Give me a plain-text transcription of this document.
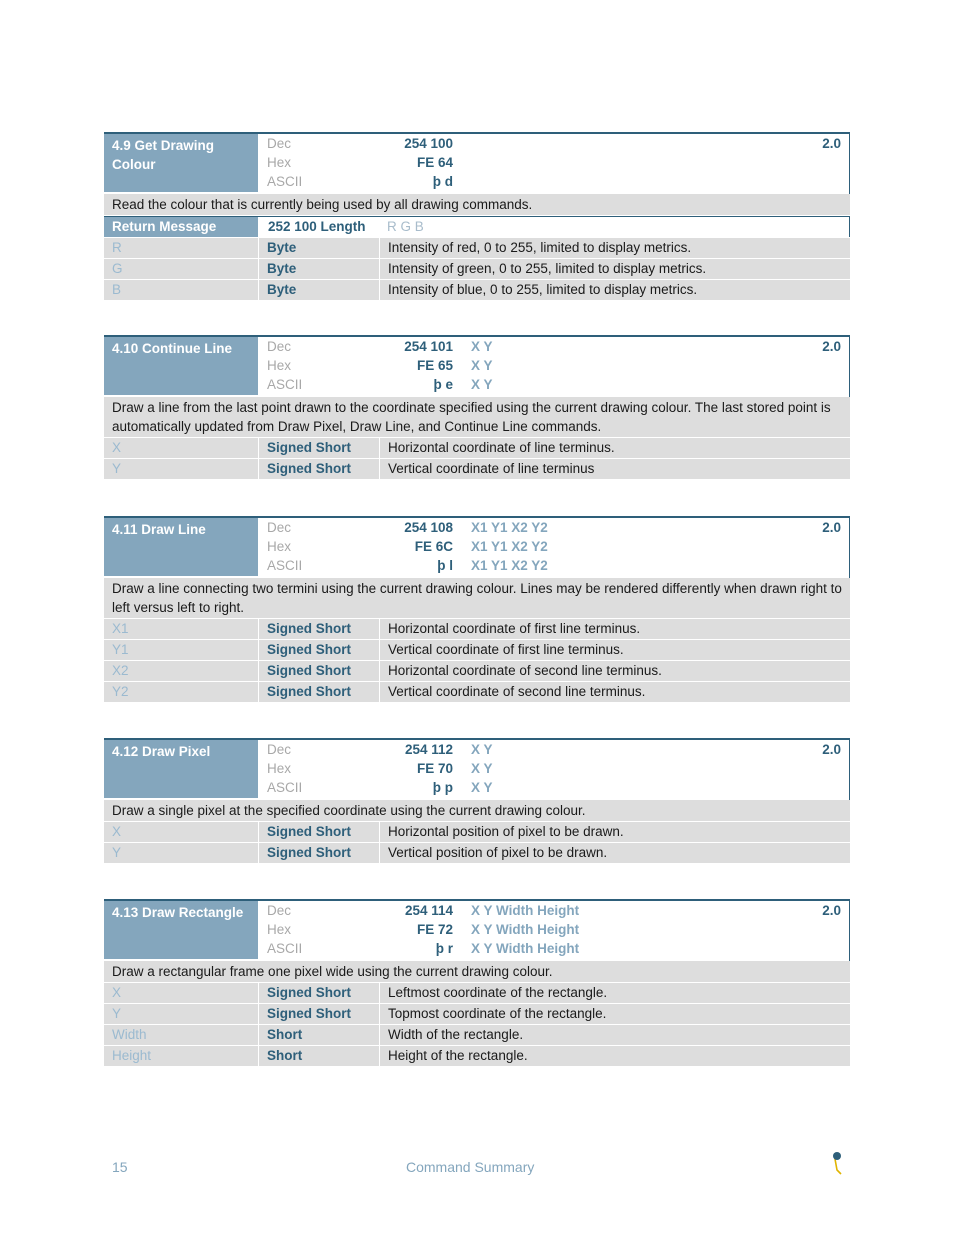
4.9 Get Drawing Colour
Dec	254 100	2.0
Hex	FE 64
ASCII	þ d
Read the colour that is currently being used by all drawing commands.
Return Message	252 100 Length R G B
R	Byte	Intensity of red, 0 to 255, limited to display metrics.
G	Byte	Intensity of green, 0 to 255, limited to display metrics.
B	Byte	Intensity of blue, 0 to 255, limited to display metrics.
4.10 Continue Line	Dec	254 101 X Y	2.0
Hex	FE 65 X Y
ASCII	þ e X Y
Draw a line from the last point drawn to the coordinate specified using the current drawing colour. The last stored point is automatically updated from Draw Pixel, Draw Line, and Continue Line commands.
X	Signed Short	Horizontal coordinate of line terminus.
Y	Signed Short	Vertical coordinate of line terminus
4.11 Draw Line	Dec	254 108 X1 Y1 X2 Y2	2.0
Hex	FE 6C X1 Y1 X2 Y2
ASCII	þ l X1 Y1 X2 Y2
Draw a line connecting two termini using the current drawing colour. Lines may be rendered differently when drawn right to left versus left to right.
X1	Signed Short	Horizontal coordinate of first line terminus.
Y1	Signed Short	Vertical coordinate of first line terminus.
X2	Signed Short	Horizontal coordinate of second line terminus.
Y2	Signed Short	Vertical coordinate of second line terminus.
4.12 Draw Pixel	Dec	254 112 X Y	2.0
Hex	FE 70 X Y
ASCII	þ p X Y
Draw a single pixel at the specified coordinate using the current drawing colour.
X	Signed Short	Horizontal position of pixel to be drawn.
Y	Signed Short	Vertical position of pixel to be drawn.
4.13 Draw Rectangle	Dec	254 114 X Y Width Height	2.0
Hex	FE 72 X Y Width Height
ASCII	þ r X Y Width Height
Draw a rectangular frame one pixel wide using the current drawing colour.
X	Signed Short	Leftmost coordinate of the rectangle.
Y	Signed Short	Topmost coordinate of the rectangle.
Width	Short	Width of the rectangle.
Height	Short	Height of the rectangle.
15	Command Summary
